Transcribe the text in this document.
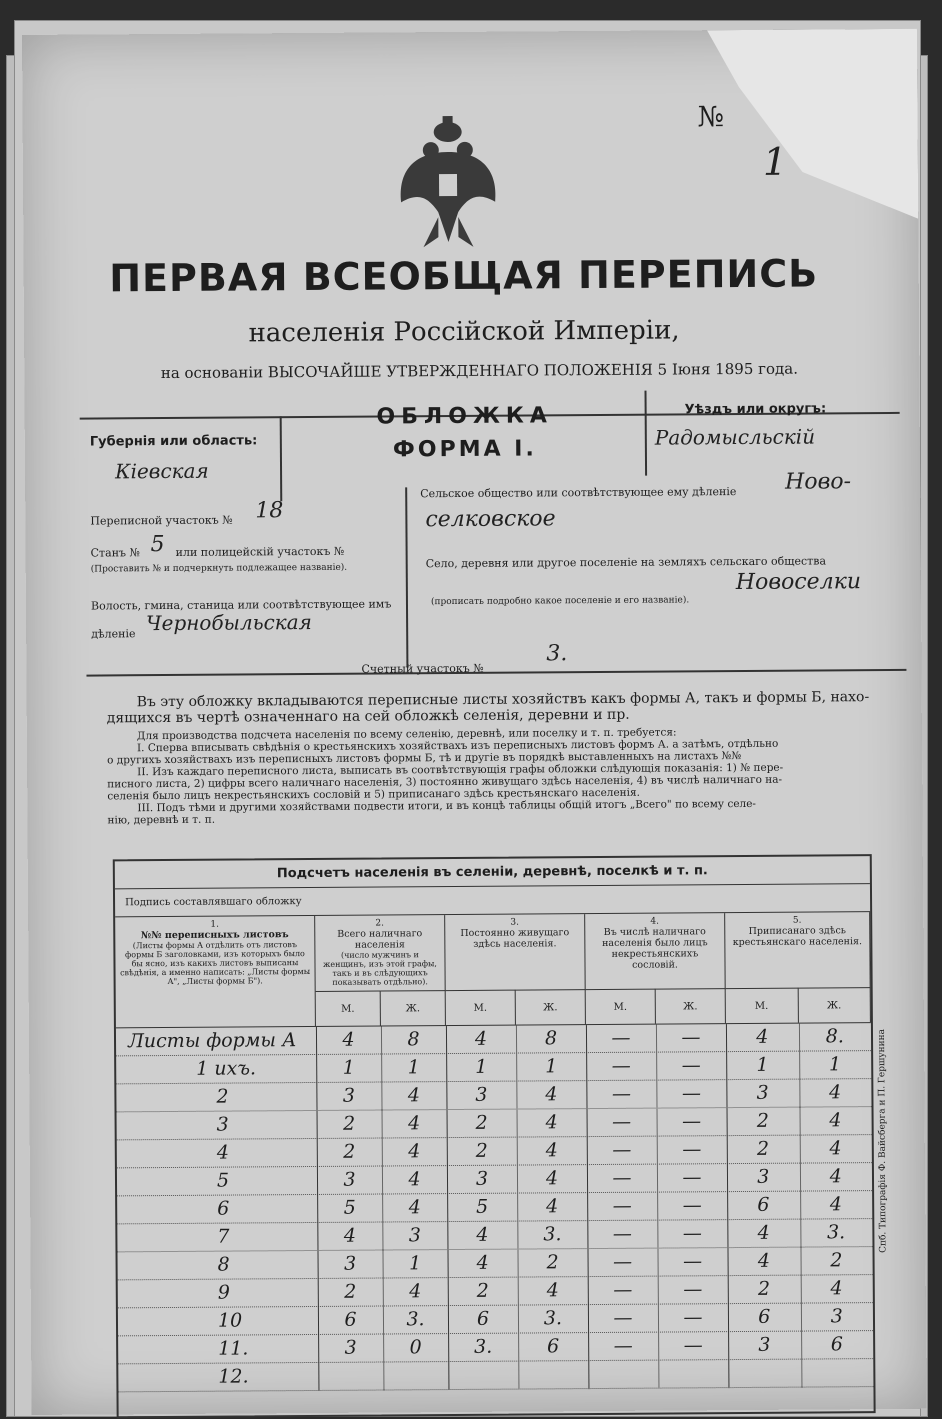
№
1
ПЕРВАЯ ВСЕОБЩАЯ ПЕРЕПИСЬ
населенія Россійской Имперіи,
на основаніи ВЫСОЧАЙШЕ УТВЕРЖДЕННАГО ПОЛОЖЕНІЯ 5 Іюня 1895 года.
Губернія или область:
Кіевская
ОБЛОЖКА
ФОРМА І.
Уѣздъ или округъ:
Радомысльскій
Переписной участокъ № 18
Станъ № 5 или полицейскій участокъ №
(Проставить № и подчеркнуть подлежащее названіе).
Волость, гмина, станица или соотвѣтствующее имъ
дѣленіе Чернобыльская
Сельское общество или соотвѣтствующее ему дѣленіе Ново-
селковское
Село, деревня или другое поселеніе на земляхъ сельскаго общества
(прописать подробно какое поселеніе и его названіе).
Новоселки
Счетный участокъ №
3.
Въ эту обложку вкладываются переписные листы хозяйствъ какъ формы А, такъ и формы Б, нахо-
дящихся въ чертѣ означеннаго на сей обложкѣ селенія, деревни и пр.
Для производства подсчета населенія по всему селенію, деревнѣ, или поселку и т. п. требуется:
І. Сперва вписывать свѣдѣнія о крестьянскихъ хозяйствахъ изъ переписныхъ листовъ формъ А. а затѣмъ, отдѣльно
о другихъ хозяйствахъ изъ переписныхъ листовъ формы Б, тѣ и другіе въ порядкѣ выставленныхъ на листахъ №№
ІІ. Изъ каждаго переписного листа, выписать въ соотвѣтствующія графы обложки слѣдующія показанія: 1) № пере-
писного листа, 2) цифры всего наличнаго населенія, 3) постоянно живущаго здѣсь населенія, 4) въ числѣ наличнаго на-
селенія было лицъ некрестьянскихъ сословій и 5) приписанаго здѣсь крестьянскаго населенія.
ІІІ. Подъ тѣми и другими хозяйствами подвести итоги, и въ концѣ таблицы общій итогъ „Всего" по всему селе-
нію, деревнѣ и т. п.
Подсчетъ населенія въ селеніи, деревнѣ, поселкѣ и т. п.
Подпись составлявшаго обложку
1.
№№ переписныхъ листовъ
(Листы формы А отдѣлить отъ листовъ формы Б заголовками, изъ которыхъ было бы ясно, изъ какихъ листовъ выписаны свѣдѣнія, а именно написать: „Листы формы А", „Листы формы Б").
2.
Всего наличнаго населенія
(число мужчинъ и женщинъ, изъ этой графы, такъ и въ слѣдующихъ показывать отдѣльно).
М.	Ж.
3.
Постоянно живущаго здѣсь населенія.
М.	Ж.
4.
Въ числѣ наличнаго населенія было лицъ некрестьянскихъ сословій.
М.	Ж.
5.
Приписанаго здѣсь крестьянскаго населенія.
М.	Ж.
Листы формы А	4	8	4	8	—	—	4	8.
1 ихъ.	1	1	1	1	—	—	1	1
2	3	4	3	4	—	—	3	4
3	2	4	2	4	—	—	2	4
4	2	4	2	4	—	—	2	4
5	3	4	3	4	—	—	3	4
6	5	4	5	4	—	—	6	4
7	4	3	4	3.	—	—	4	3.
8	3	1	4	2	—	—	4	2
9	2	4	2	4	—	—	2	4
10	6	3.	6	3.	—	—	6	3
11.	3	0	3.	6	—	—	3	6
12.
Спб. Типографія Ф. Вайсберга и П. Гершунина
